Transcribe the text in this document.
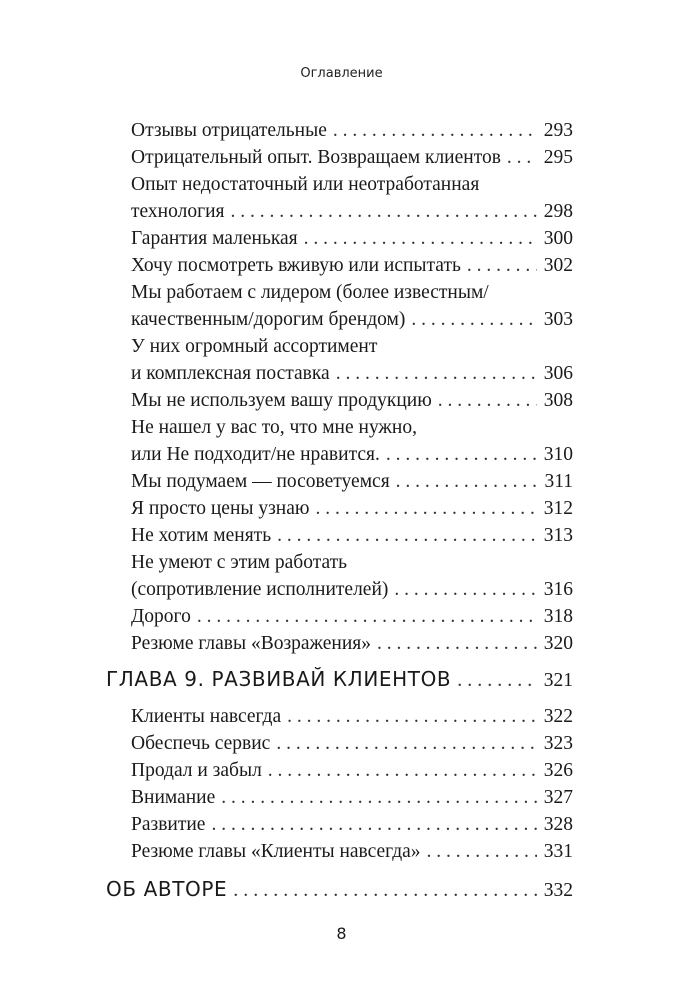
Оглавление
Отзывы отрицательные . . .	293
Отрицательный опыт. Возвращаем клиентов . . . 295
Опыт недостаточный или неотработанная
технология . . .	298
Гарантия маленькая . . .	300
Хочу посмотреть вживую или испытать . . .	302
Мы работаем с лидером (более известным/
качественным/дорогим брендом) . . .	303
У них огромный ассортимент
и комплексная поставка . . .	306
Мы не используем вашу продукцию . . .	308
Не нашел у вас то, что мне нужно,
или Не подходит/не нравится. . . .	310
Мы подумаем — посоветуемся . . .	311
Я просто цены узнаю . . .	312
Не хотим менять . . .	313
Не умеют с этим работать
(сопротивление исполнителей) . . .	316
Дорого . . .	318
Резюме главы «Возражения» . . .	320
ГЛАВА 9. РАЗВИВАЙ КЛИЕНТОВ . . .	321
Клиенты навсегда . . .	322
Обеспечь сервис . . .	323
Продал и забыл . . .	326
Внимание . . .	327
Развитие . . .	328
Резюме главы «Клиенты навсегда» . . .	331
ОБ АВТОРЕ . . .	332
8
